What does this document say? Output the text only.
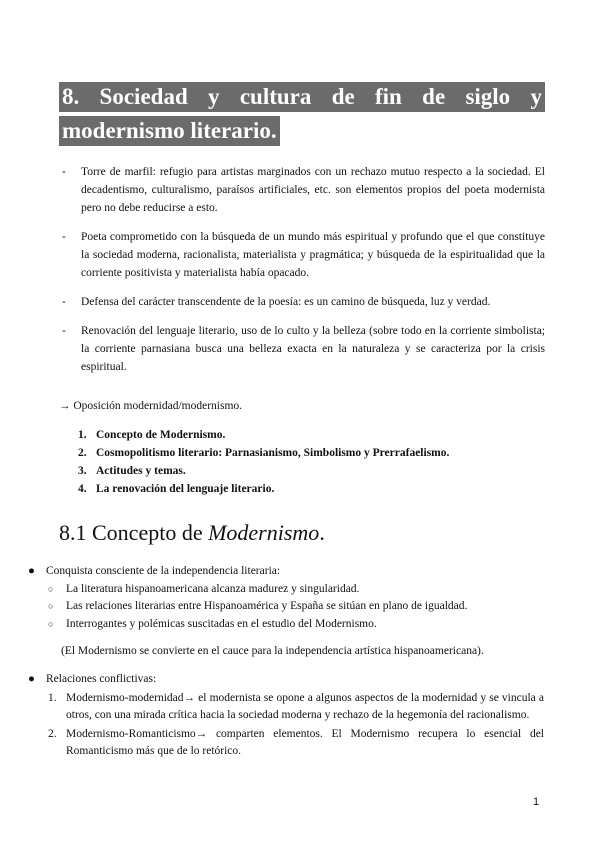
8. Sociedad y cultura de fin de siglo y
modernismo literario.
- Torre de marfil: refugio para artistas marginados con un rechazo mutuo respecto a la sociedad. El decadentismo, culturalismo, paraísos artificiales, etc. son elementos propios del poeta modernista pero no debe reducirse a esto.
- Poeta comprometido con la búsqueda de un mundo más espiritual y profundo que el que constituye la sociedad moderna, racionalista, materialista y pragmática; y búsqueda de la espiritualidad que la corriente positivista y materialista había opacado.
- Defensa del carácter transcendente de la poesía: es un camino de búsqueda, luz y verdad.
- Renovación del lenguaje literario, uso de lo culto y la belleza (sobre todo en la corriente simbolista; la corriente parnasiana busca una belleza exacta en la naturaleza y se caracteriza por la crisis espiritual.
→ Oposición modernidad/modernismo.
1. Concepto de Modernismo.
2. Cosmopolitismo literario: Parnasianismo, Simbolismo y Prerrafaelismo.
3. Actitudes y temas.
4. La renovación del lenguaje literario.
8.1 Concepto de Modernismo.
● Conquista consciente de la independencia literaria:
○ La literatura hispanoamericana alcanza madurez y singularidad.
○ Las relaciones literarias entre Hispanoamérica y España se sitúan en plano de igualdad.
○ Interrogantes y polémicas suscitadas en el estudio del Modernismo.
(El Modernismo se convierte en el cauce para la independencia artística hispanoamericana).
● Relaciones conflictivas:
1. Modernismo-modernidad→ el modernista se opone a algunos aspectos de la modernidad y se vincula a otros, con una mirada crítica hacia la sociedad moderna y rechazo de la hegemonía del racionalismo.
2. Modernismo-Romanticismo→ comparten elementos. El Modernismo recupera lo esencial del Romanticismo más que de lo retórico.
1
